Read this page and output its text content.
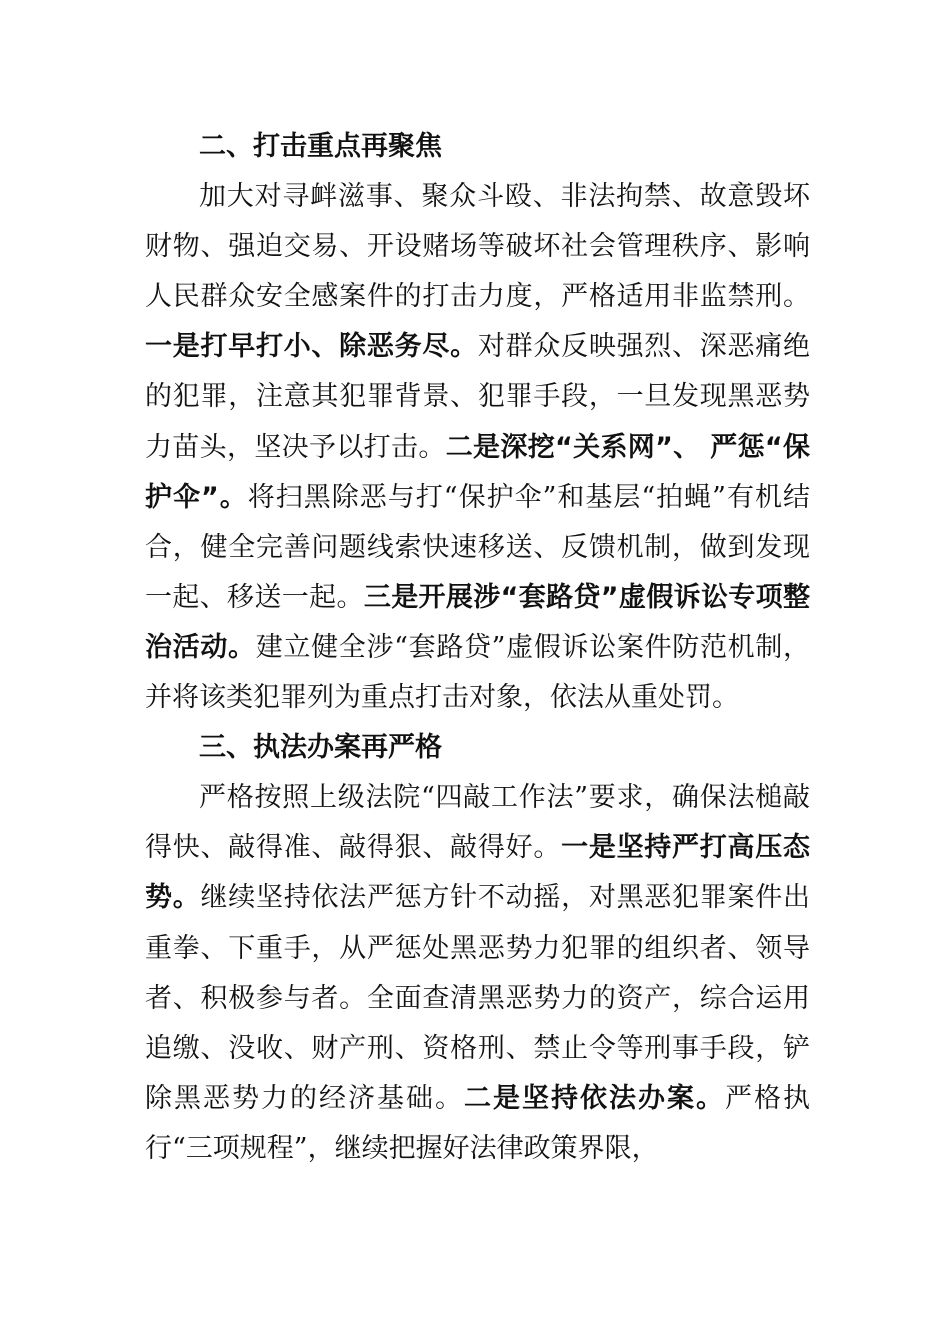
二、打击重点再聚焦

加大对寻衅滋事、聚众斗殴、非法拘禁、故意毁坏财物、强迫交易、开设赌场等破坏社会管理秩序、影响人民群众安全感案件的打击力度，严格适用非监禁刑。一是打早打小、除恶务尽。对群众反映强烈、深恶痛绝的犯罪，注意其犯罪背景、犯罪手段，一旦发现黑恶势力苗头，坚决予以打击。二是深挖“关系网”、 严惩“保护伞”。将扫黑除恶与打“保护伞”和基层“拍蝇”有机结合，健全完善问题线索快速移送、反馈机制，做到发现一起、移送一起。三是开展涉“套路贷”虚假诉讼专项整治活动。建立健全涉“套路贷”虚假诉讼案件防范机制，并将该类犯罪列为重点打击对象，依法从重处罚。

三、执法办案再严格

严格按照上级法院“四敲工作法”要求，确保法槌敲得快、敲得准、敲得狠、敲得好。一是坚持严打高压态势。继续坚持依法严惩方针不动摇，对黑恶犯罪案件出重拳、下重手，从严惩处黑恶势力犯罪的组织者、领导者、积极参与者。全面查清黑恶势力的资产，综合运用追缴、没收、财产刑、资格刑、禁止令等刑事手段，铲除黑恶势力的经济基础。二是坚持依法办案。严格执行“三项规程”，继续把握好法律政策界限，
